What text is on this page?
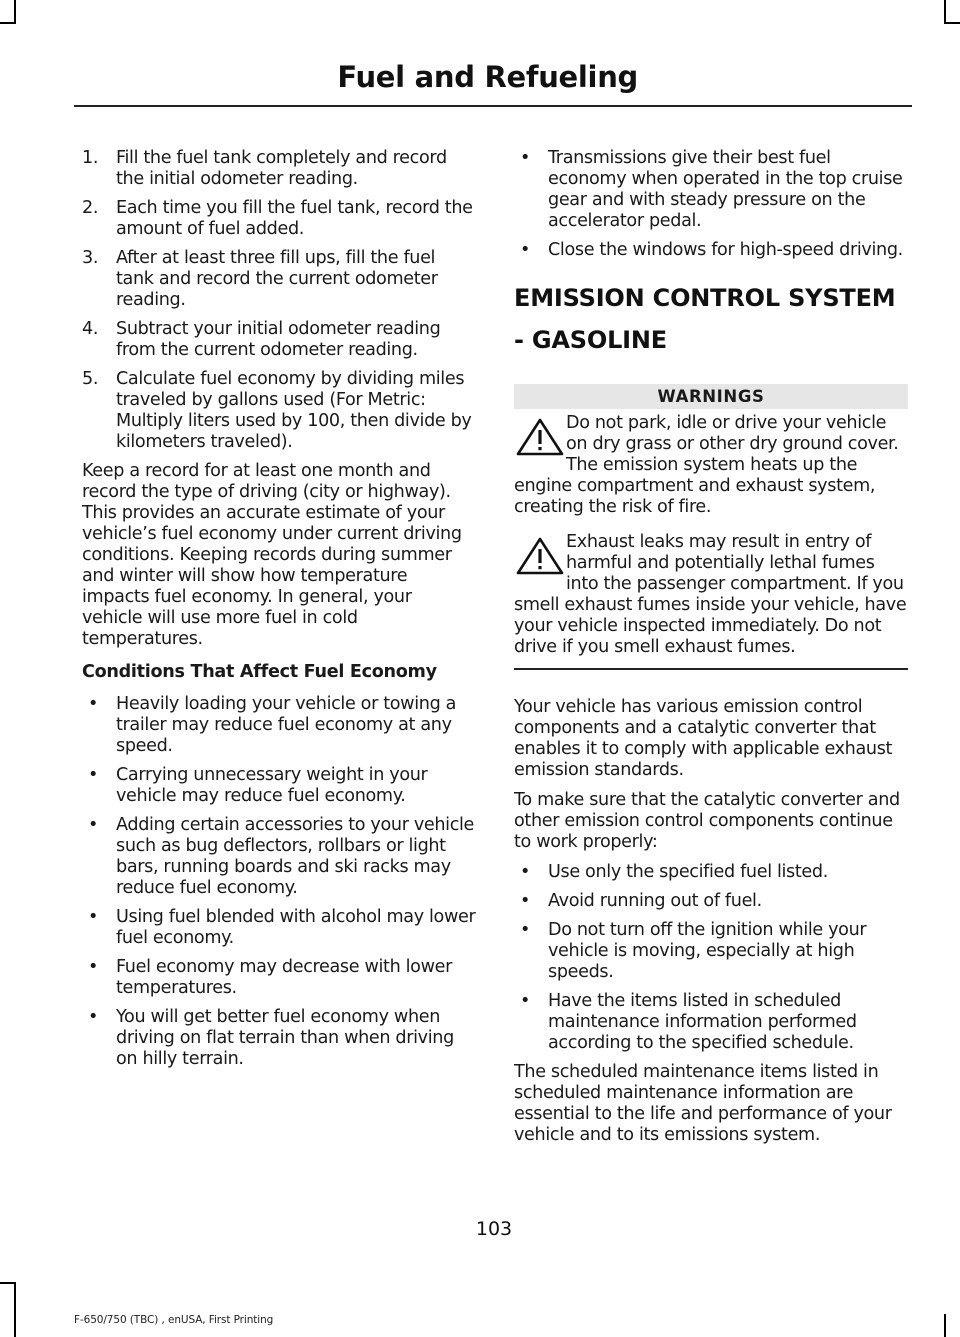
Fuel and Refueling
1. Fill the fuel tank completely and record the initial odometer reading.
2. Each time you fill the fuel tank, record the amount of fuel added.
3. After at least three fill ups, fill the fuel tank and record the current odometer reading.
4. Subtract your initial odometer reading from the current odometer reading.
5. Calculate fuel economy by dividing miles traveled by gallons used (For Metric: Multiply liters used by 100, then divide by kilometers traveled).

Keep a record for at least one month and record the type of driving (city or highway). This provides an accurate estimate of your vehicle’s fuel economy under current driving conditions. Keeping records during summer and winter will show how temperature impacts fuel economy. In general, your vehicle will use more fuel in cold temperatures.

Conditions That Affect Fuel Economy
• Heavily loading your vehicle or towing a trailer may reduce fuel economy at any speed.
• Carrying unnecessary weight in your vehicle may reduce fuel economy.
• Adding certain accessories to your vehicle such as bug deflectors, rollbars or light bars, running boards and ski racks may reduce fuel economy.
• Using fuel blended with alcohol may lower fuel economy.
• Fuel economy may decrease with lower temperatures.
• You will get better fuel economy when driving on flat terrain than when driving on hilly terrain.
• Transmissions give their best fuel economy when operated in the top cruise gear and with steady pressure on the accelerator pedal.
• Close the windows for high-speed driving.
EMISSION CONTROL SYSTEM
- GASOLINE
WARNINGS
Do not park, idle or drive your vehicle on dry grass or other dry ground cover. The emission system heats up the engine compartment and exhaust system, creating the risk of fire.
Exhaust leaks may result in entry of harmful and potentially lethal fumes into the passenger compartment. If you smell exhaust fumes inside your vehicle, have your vehicle inspected immediately. Do not drive if you smell exhaust fumes.

Your vehicle has various emission control components and a catalytic converter that enables it to comply with applicable exhaust emission standards.

To make sure that the catalytic converter and other emission control components continue to work properly:

• Use only the specified fuel listed.
• Avoid running out of fuel.
• Do not turn off the ignition while your vehicle is moving, especially at high speeds.
• Have the items listed in scheduled maintenance information performed according to the specified schedule.

The scheduled maintenance items listed in scheduled maintenance information are essential to the life and performance of your vehicle and to its emissions system.

103
F-650/750 (TBC) , enUSA, First Printing
